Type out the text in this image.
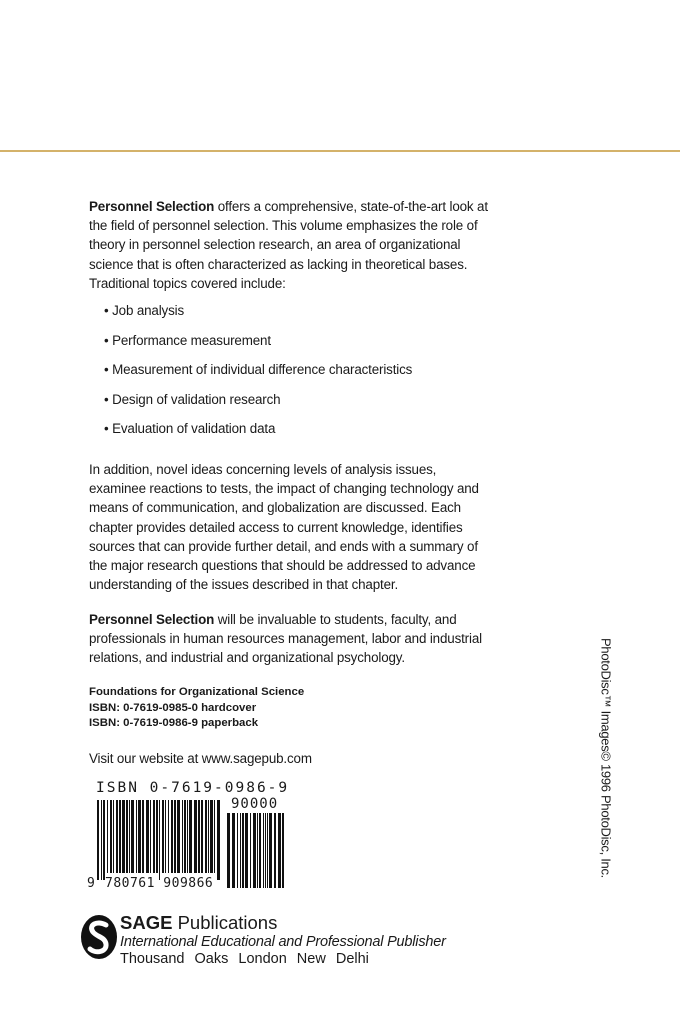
Personnel Selection offers a comprehensive, state-of-the-art look at the field of personnel selection. This volume emphasizes the role of theory in personnel selection research, an area of organizational science that is often characterized as lacking in theoretical bases. Traditional topics covered include:

• Job analysis
• Performance measurement
• Measurement of individual difference characteristics
• Design of validation research
• Evaluation of validation data

In addition, novel ideas concerning levels of analysis issues, examinee reactions to tests, the impact of changing technology and means of communication, and globalization are discussed. Each chapter provides detailed access to current knowledge, identifies sources that can provide further detail, and ends with a summary of the major research questions that should be addressed to advance understanding of the issues described in that chapter.

Personnel Selection will be invaluable to students, faculty, and professionals in human resources management, labor and industrial relations, and industrial and organizational psychology.

Foundations for Organizational Science
ISBN: 0-7619-0985-0 hardcover
ISBN: 0-7619-0986-9 paperback
Visit our website at www.sagepub.com
ISBN 0-7619-0986-9
90000
9 780761 909866
SAGE Publications
International Educational and Professional Publisher
Thousand Oaks London New Delhi
PhotoDisc™ Images© 1996 PhotoDisc, Inc.
